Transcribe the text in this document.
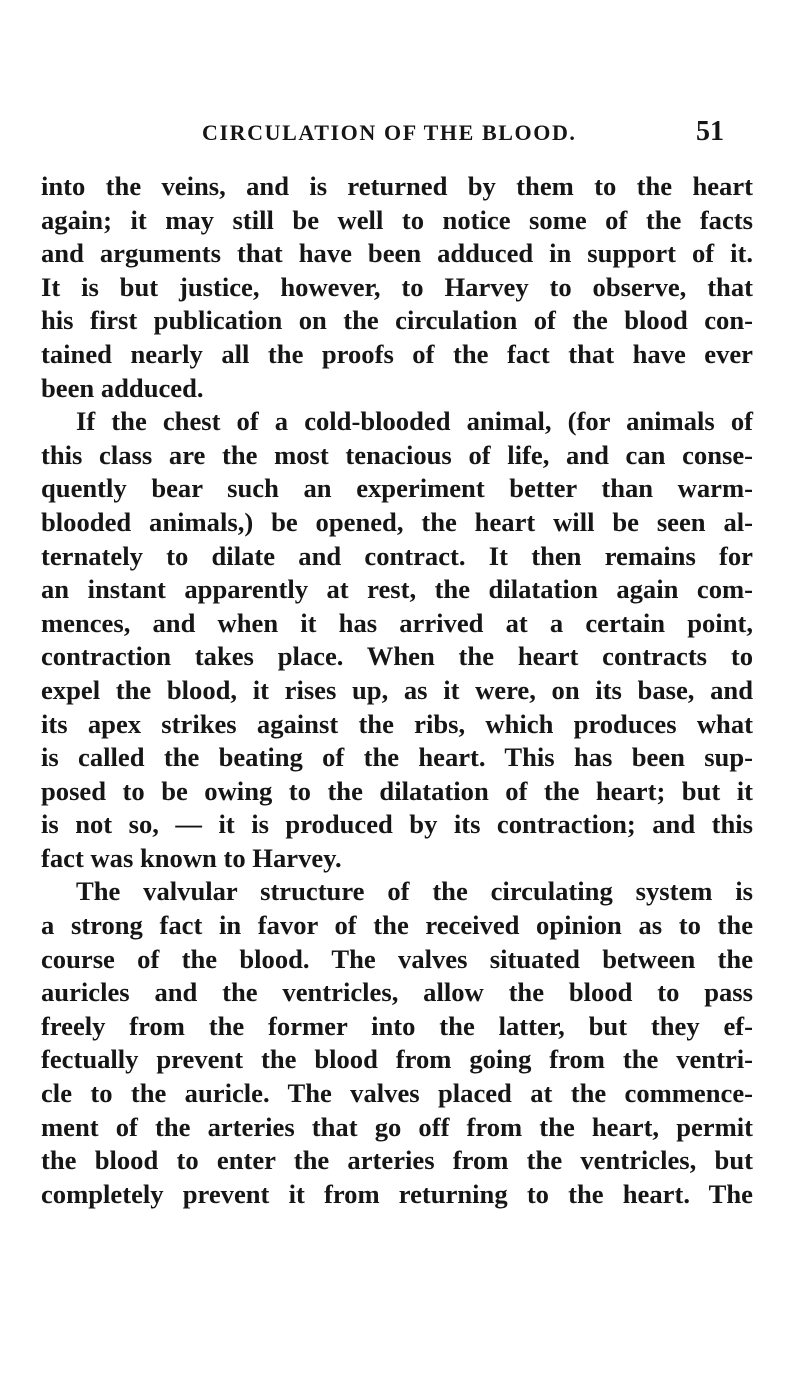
CIRCULATION OF THE BLOOD.	51
into the veins, and is returned by them to the heart
again; it may still be well to notice some of the facts
and arguments that have been adduced in support of it.
It is but justice, however, to Harvey to observe, that
his first publication on the circulation of the blood con-
tained nearly all the proofs of the fact that have ever
been adduced.
If the chest of a cold-blooded animal, (for animals of
this class are the most tenacious of life, and can conse-
quently bear such an experiment better than warm-
blooded animals,) be opened, the heart will be seen al-
ternately to dilate and contract. It then remains for
an instant apparently at rest, the dilatation again com-
mences, and when it has arrived at a certain point,
contraction takes place. When the heart contracts to
expel the blood, it rises up, as it were, on its base, and
its apex strikes against the ribs, which produces what
is called the beating of the heart. This has been sup-
posed to be owing to the dilatation of the heart; but it
is not so, — it is produced by its contraction; and this
fact was known to Harvey.
The valvular structure of the circulating system is
a strong fact in favor of the received opinion as to the
course of the blood. The valves situated between the
auricles and the ventricles, allow the blood to pass
freely from the former into the latter, but they ef-
fectually prevent the blood from going from the ventri-
cle to the auricle. The valves placed at the commence-
ment of the arteries that go off from the heart, permit
the blood to enter the arteries from the ventricles, but
completely prevent it from returning to the heart. The
